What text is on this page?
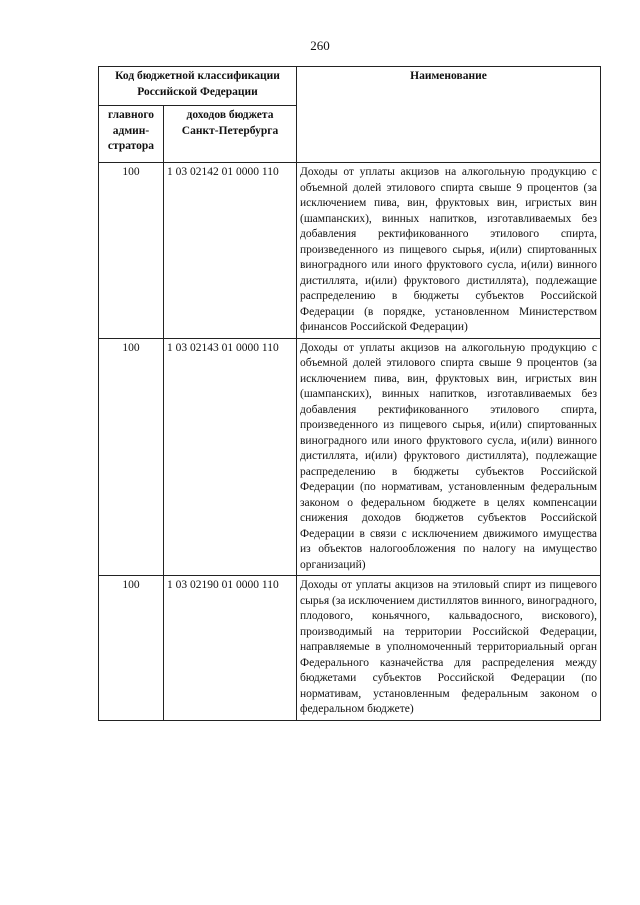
260
Код бюджетной классификации Российской Федерации		Наименование
главного админ-стратора	доходов бюджета Санкт-Петербурга	
100	1 03 02142 01 0000 110	Доходы от уплаты акцизов на алкогольную продукцию с объемной долей этилового спирта свыше 9 процентов (за исключением пива, вин, фруктовых вин, игристых вин (шампанских), винных напитков, изготавливаемых без добавления ректификованного этилового спирта, произведенного из пищевого сырья, и(или) спиртованных виноградного или иного фруктового сусла, и(или) винного дистиллята, и(или) фруктового дистиллята), подлежащие распределению в бюджеты субъектов Российской Федерации (в порядке, установленном Министерством финансов Российской Федерации)

100	1 03 02143 01 0000 110	Доходы от уплаты акцизов на алкогольную продукцию с объемной долей этилового спирта свыше 9 процентов (за исключением пива, вин, фруктовых вин, игристых вин (шампанских), винных напитков, изготавливаемых без добавления ректификованного этилового спирта, произведенного из пищевого сырья, и(или) спиртованных виноградного или иного фруктового сусла, и(или) винного дистиллята, и(или) фруктового дистиллята), подлежащие распределению в бюджеты субъектов Российской Федерации (по нормативам, установленным федеральным законом о федеральном бюджете в целях компенсации снижения доходов бюджетов субъектов Российской Федерации в связи с исключением движимого имущества из объектов налогообложения по налогу на имущество организаций)

100	1 03 02190 01 0000 110	Доходы от уплаты акцизов на этиловый спирт из пищевого сырья (за исключением дистиллятов винного, виноградного, плодового, коньячного, кальвадосного, вискового), производимый на территории Российской Федерации, направляемые в уполномоченный территориальный орган Федерального казначейства для распределения между бюджетами субъектов Российской Федерации (по нормативам, установленным федеральным законом о федеральном бюджете)
